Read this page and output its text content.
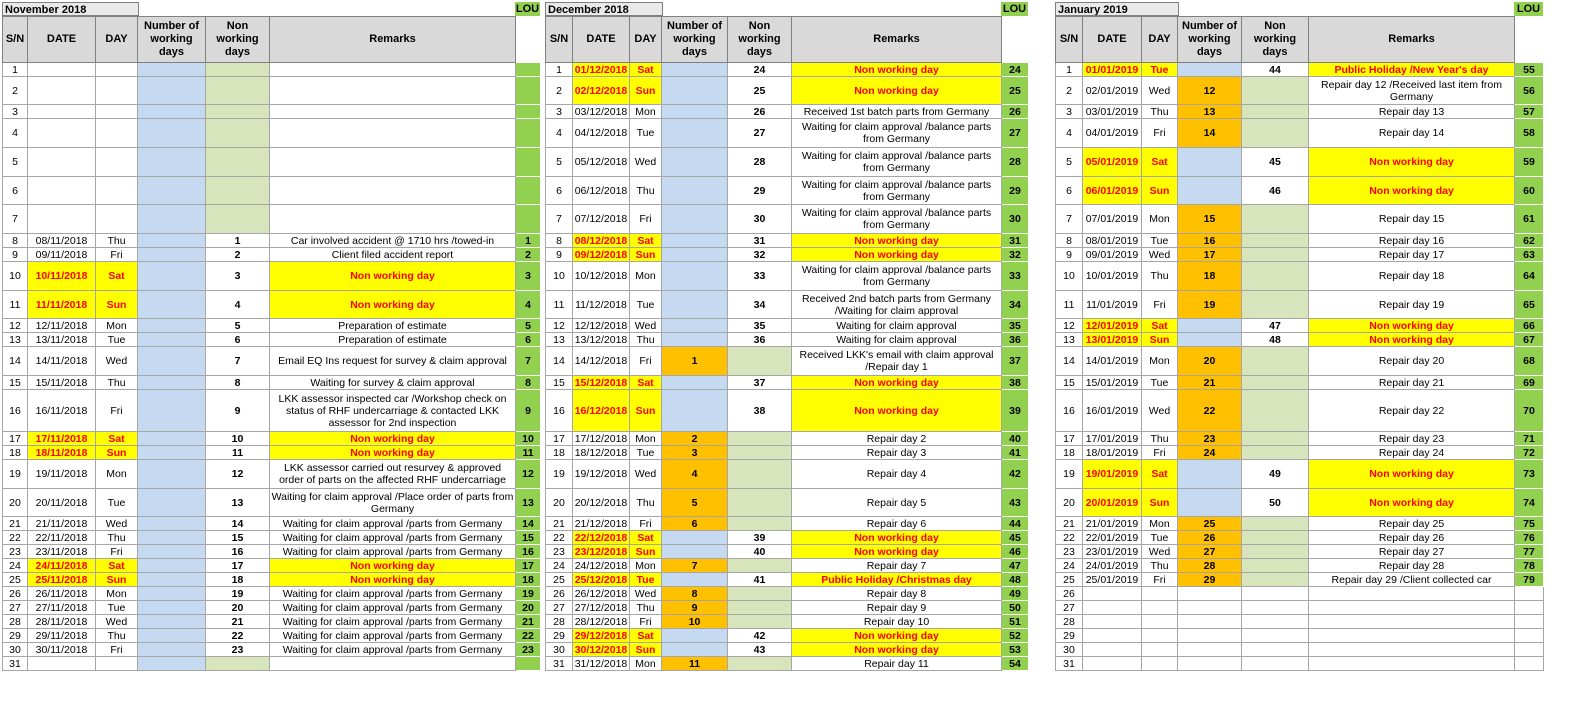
November 2018	LOU
S/N	DATE	DAY	Number of working days	Non working days	Remarks	
1						
2						
3						
4						
5						
6						
7						
8	08/11/2018	Thu		1	Car involved accident @ 1710 hrs /towed-in	1
9	09/11/2018	Fri		2	Client filed accident report	2
10	10/11/2018	Sat		3	Non working day	3
11	11/11/2018	Sun		4	Non working day	4
12	12/11/2018	Mon		5	Preparation of estimate	5
13	13/11/2018	Tue		6	Preparation of estimate	6
14	14/11/2018	Wed		7	Email EQ Ins request for survey & claim approval	7
15	15/11/2018	Thu		8	Waiting for survey & claim approval	8
16	16/11/2018	Fri		9	LKK assessor inspected car /Workshop check on status of RHF undercarriage & contacted LKK assessor for 2nd inspection	9
17	17/11/2018	Sat		10	Non working day	10
18	18/11/2018	Sun		11	Non working day	11
19	19/11/2018	Mon		12	LKK assessor carried out resurvey & approved order of parts on the affected RHF undercarriage	12
20	20/11/2018	Tue		13	Waiting for claim approval /Place order of parts from Germany	13
21	21/11/2018	Wed		14	Waiting for claim approval /parts from Germany	14
22	22/11/2018	Thu		15	Waiting for claim approval /parts from Germany	15
23	23/11/2018	Fri		16	Waiting for claim approval /parts from Germany	16
24	24/11/2018	Sat		17	Non working day	17
25	25/11/2018	Sun		18	Non working day	18
26	26/11/2018	Mon		19	Waiting for claim approval /parts from Germany	19
27	27/11/2018	Tue		20	Waiting for claim approval /parts from Germany	20
28	28/11/2018	Wed		21	Waiting for claim approval /parts from Germany	21
29	29/11/2018	Thu		22	Waiting for claim approval /parts from Germany	22
30	30/11/2018	Fri		23	Waiting for claim approval /parts from Germany	23
31						
December 2018	LOU
S/N	DATE	DAY	Number of working days	Non working days	Remarks	
1	01/12/2018	Sat		24	Non working day	24
2	02/12/2018	Sun		25	Non working day	25
3	03/12/2018	Mon		26	Received 1st batch parts from Germany	26
4	04/12/2018	Tue		27	Waiting for claim approval /balance parts from Germany	27
5	05/12/2018	Wed		28	Waiting for claim approval /balance parts from Germany	28
6	06/12/2018	Thu		29	Waiting for claim approval /balance parts from Germany	29
7	07/12/2018	Fri		30	Waiting for claim approval /balance parts from Germany	30
8	08/12/2018	Sat		31	Non working day	31
9	09/12/2018	Sun		32	Non working day	32
10	10/12/2018	Mon		33	Waiting for claim approval /balance parts from Germany	33
11	11/12/2018	Tue		34	Received 2nd batch parts from Germany /Waiting for claim approval	34
12	12/12/2018	Wed		35	Waiting for claim approval	35
13	13/12/2018	Thu		36	Waiting for claim approval	36
14	14/12/2018	Fri	1		Received LKK's email with claim approval /Repair day 1	37
15	15/12/2018	Sat		37	Non working day	38
16	16/12/2018	Sun		38	Non working day	39
17	17/12/2018	Mon	2		Repair day 2	40
18	18/12/2018	Tue	3		Repair day 3	41
19	19/12/2018	Wed	4		Repair day 4	42
20	20/12/2018	Thu	5		Repair day 5	43
21	21/12/2018	Fri	6		Repair day 6	44
22	22/12/2018	Sat		39	Non working day	45
23	23/12/2018	Sun		40	Non working day	46
24	24/12/2018	Mon	7		Repair day 7	47
25	25/12/2018	Tue		41	Public Holiday /Christmas day	48
26	26/12/2018	Wed	8		Repair day 8	49
27	27/12/2018	Thu	9		Repair day 9	50
28	28/12/2018	Fri	10		Repair day 10	51
29	29/12/2018	Sat		42	Non working day	52
30	30/12/2018	Sun		43	Non working day	53
31	31/12/2018	Mon	11		Repair day 11	54
January 2019	LOU
S/N	DATE	DAY	Number of working days	Non working days	Remarks	
1	01/01/2019	Tue		44	Public Holiday /New Year's day	55
2	02/01/2019	Wed	12		Repair day 12 /Received last item from Germany	56
3	03/01/2019	Thu	13		Repair day 13	57
4	04/01/2019	Fri	14		Repair day 14	58
5	05/01/2019	Sat		45	Non working day	59
6	06/01/2019	Sun		46	Non working day	60
7	07/01/2019	Mon	15		Repair day 15	61
8	08/01/2019	Tue	16		Repair day 16	62
9	09/01/2019	Wed	17		Repair day 17	63
10	10/01/2019	Thu	18		Repair day 18	64
11	11/01/2019	Fri	19		Repair day 19	65
12	12/01/2019	Sat		47	Non working day	66
13	13/01/2019	Sun		48	Non working day	67
14	14/01/2019	Mon	20		Repair day 20	68
15	15/01/2019	Tue	21		Repair day 21	69
16	16/01/2019	Wed	22		Repair day 22	70
17	17/01/2019	Thu	23		Repair day 23	71
18	18/01/2019	Fri	24		Repair day 24	72
19	19/01/2019	Sat		49	Non working day	73
20	20/01/2019	Sun		50	Non working day	74
21	21/01/2019	Mon	25		Repair day 25	75
22	22/01/2019	Tue	26		Repair day 26	76
23	23/01/2019	Wed	27		Repair day 27	77
24	24/01/2019	Thu	28		Repair day 28	78
25	25/01/2019	Fri	29		Repair day 29 /Client collected car	79
26						
27						
28						
29						
30						
31						
